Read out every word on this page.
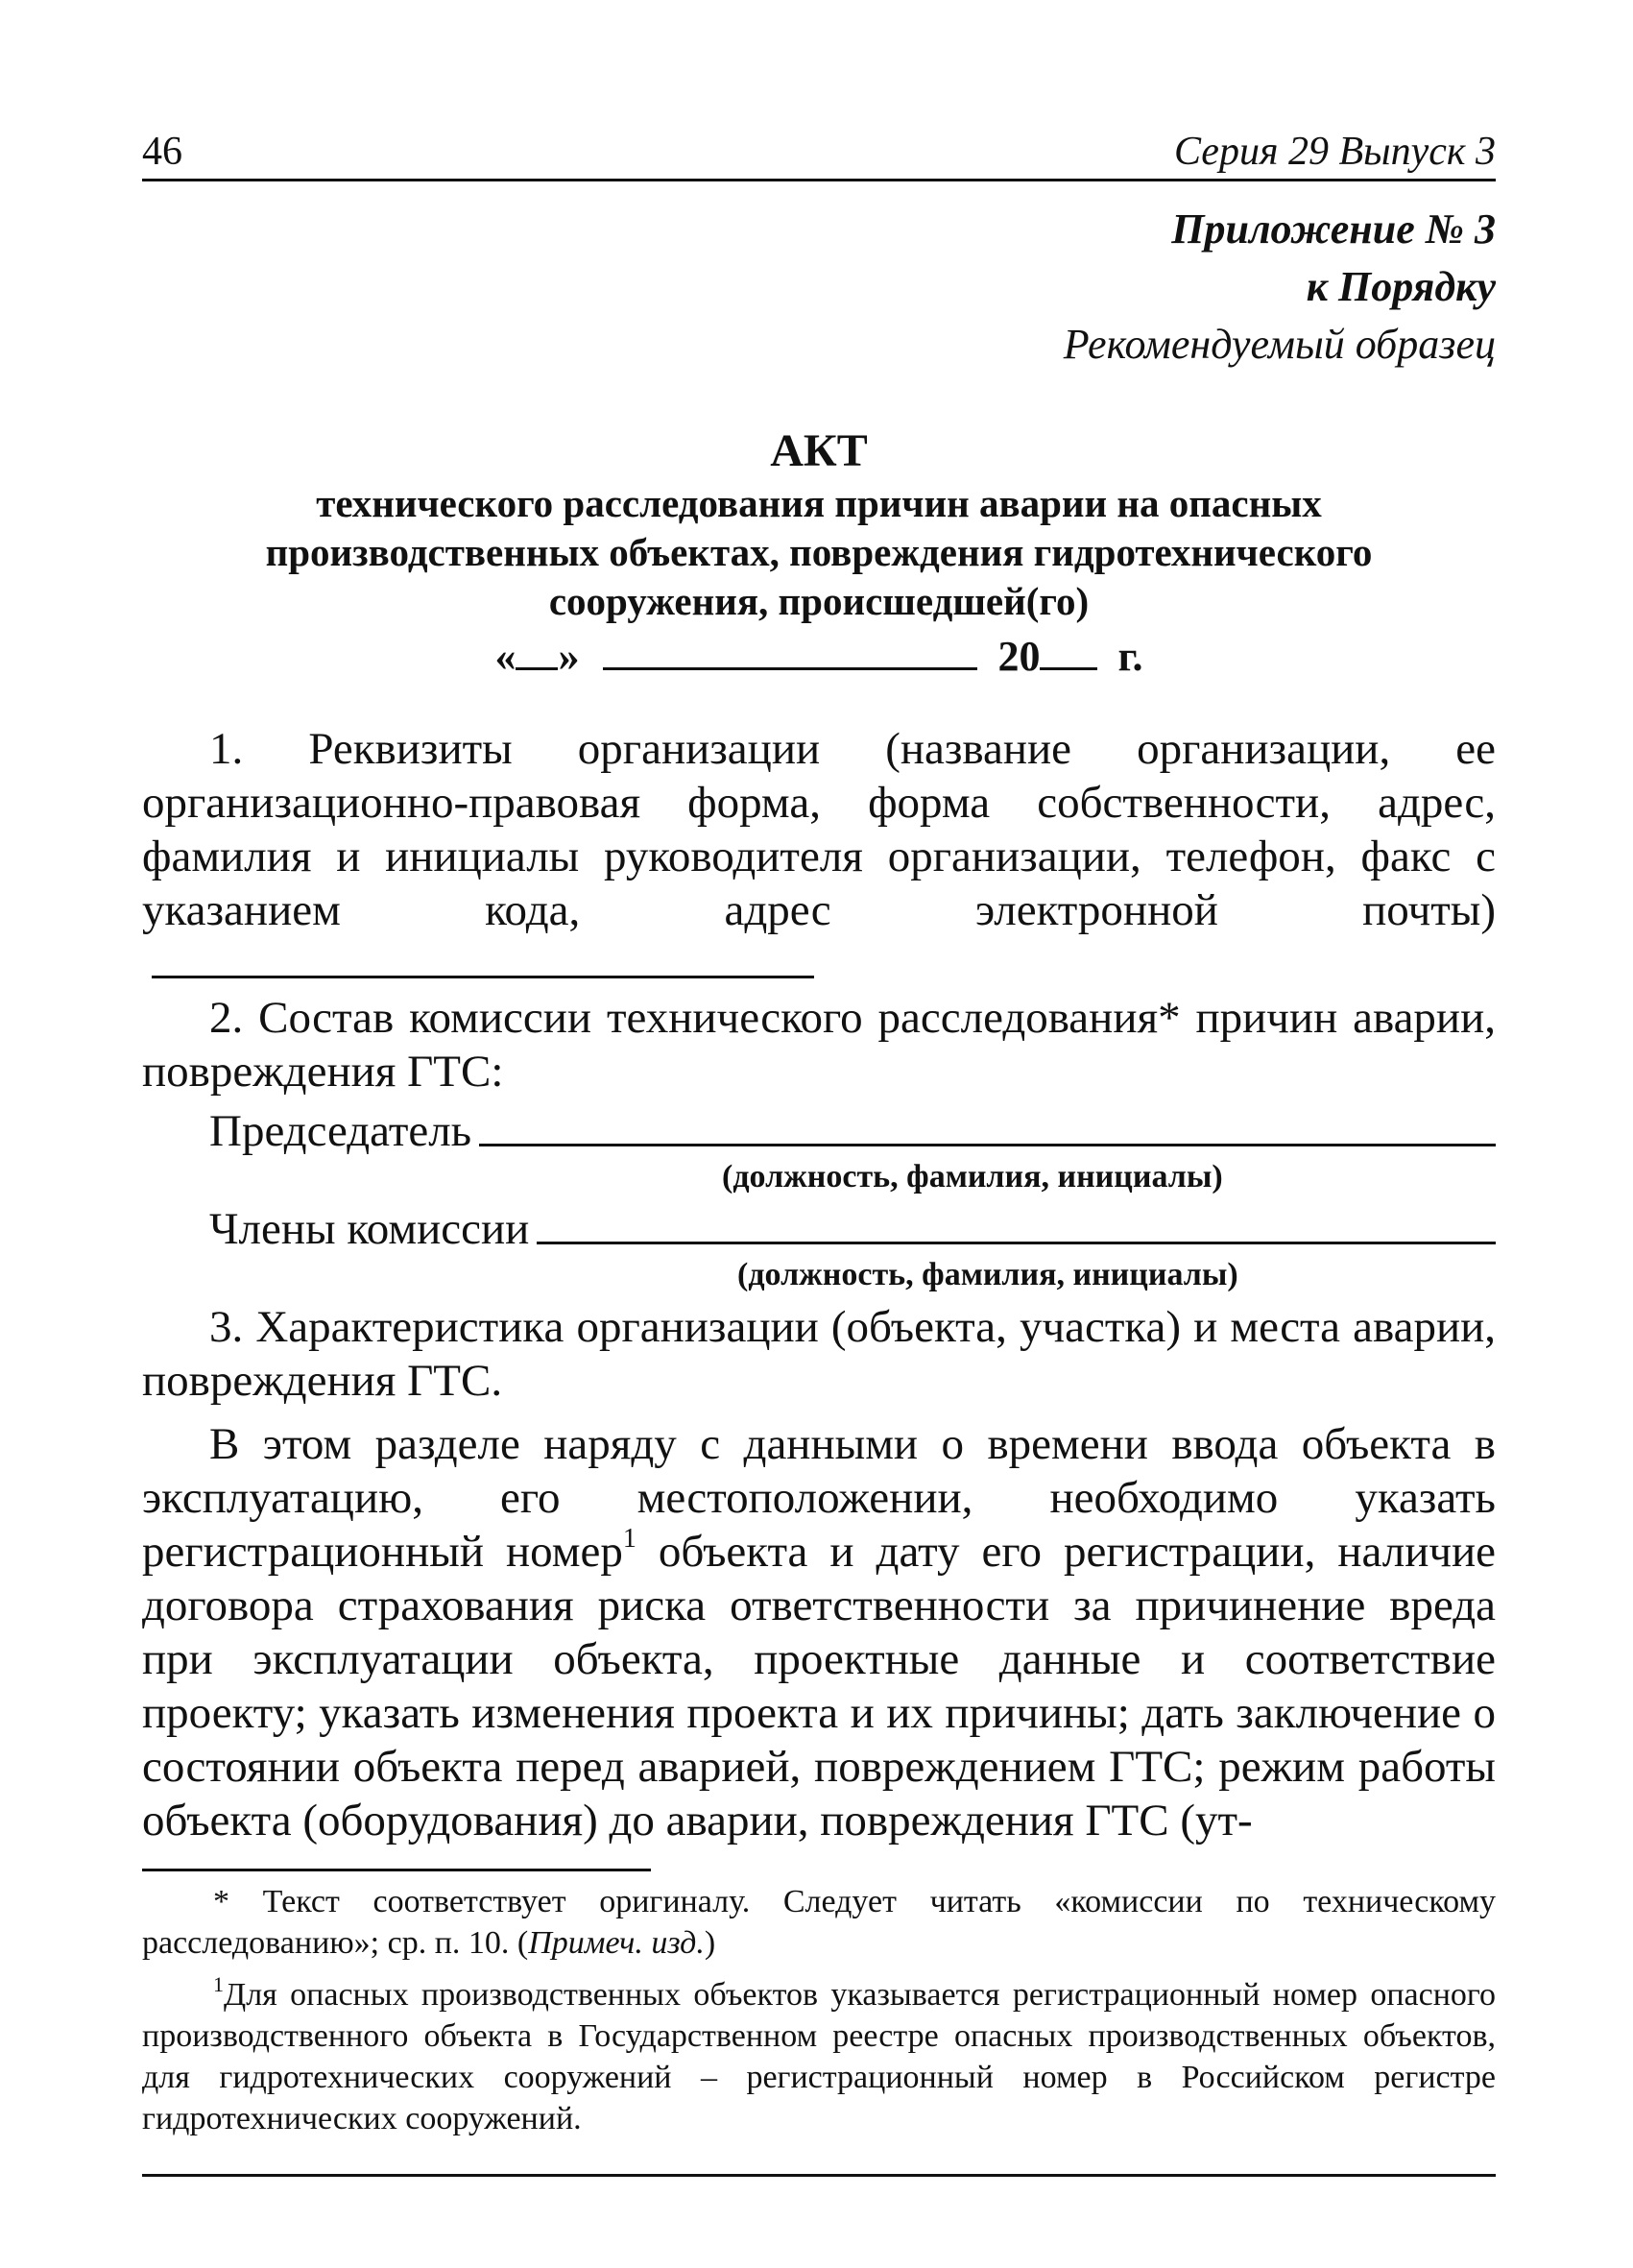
46	Серия 29 Выпуск 3
Приложение № 3
к Порядку
Рекомендуемый образец
АКТ
технического расследования причин аварии на опасных
производственных объектах, повреждения гидротехнического
сооружения, происшедшей(го)
« »	20 г.

1. Реквизиты организации (название организации, ее организационно-правовая форма, форма собственности, адрес, фамилия и инициалы руководителя организации, телефон, факс с указанием кода, адрес электронной почты)

2. Состав комиссии технического расследования* причин аварии, повреждения ГТС:

Председатель
(должность, фамилия, инициалы)
Члены комиссии
(должность, фамилия, инициалы)

3. Характеристика организации (объекта, участка) и места аварии, повреждения ГТС.

В этом разделе наряду с данными о времени ввода объекта в эксплуатацию, его местоположении, необходимо указать регистрационный номер$^1$ объекта и дату его регистрации, наличие договора страхования риска ответственности за причинение вреда при эксплуатации объекта, проектные данные и соответствие проекту; указать изменения проекта и их причины; дать заключение о состоянии объекта перед аварией, повреждением ГТС; режим работы объекта (оборудования) до аварии, повреждения ГТС (ут-

* Текст соответствует оригиналу. Следует читать «комиссии по техническому расследованию»; ср. п. 10. (Примеч. изд.)

$^1$Для опасных производственных объектов указывается регистрационный номер опасного производственного объекта в Государственном реестре опасных производственных объектов, для гидротехнических сооружений – регистрационный номер в Российском регистре гидротехнических сооружений.
